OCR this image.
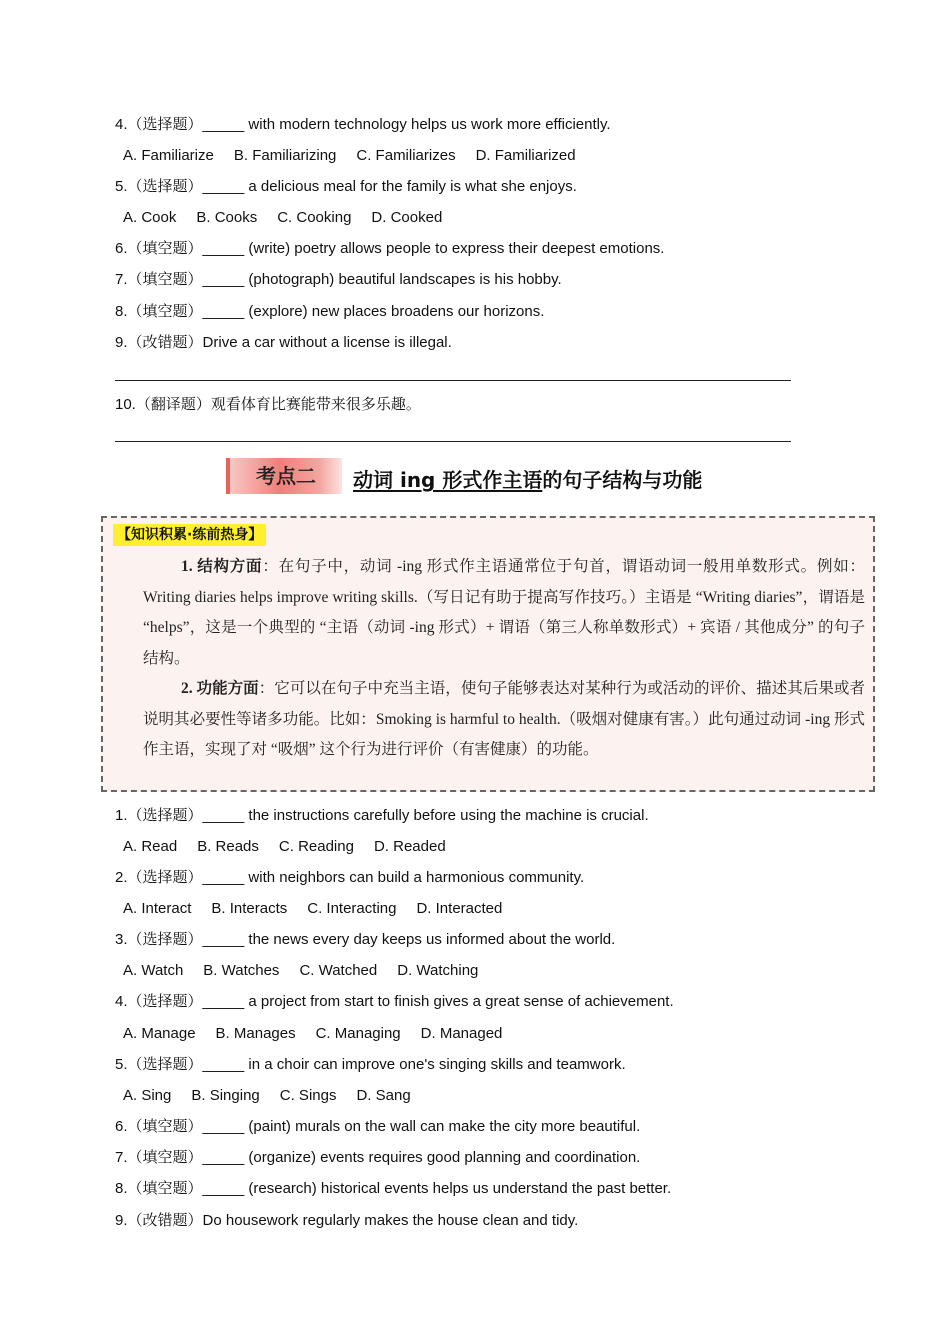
4.（选择题）_____ with modern technology helps us work more efficiently.
A. Familiarize B. Familiarizing C. Familiarizes D. Familiarized
5.（选择题）_____ a delicious meal for the family is what she enjoys.
A. Cook B. Cooks C. Cooking D. Cooked
6.（填空题）_____ (write) poetry allows people to express their deepest emotions.
7.（填空题）_____ (photograph) beautiful landscapes is his hobby.
8.（填空题）_____ (explore) new places broadens our horizons.
9.（改错题）Drive a car without a license is illegal.
10.（翻译题）观看体育比赛能带来很多乐趣。
考点二	动词 ing 形式作主语的句子结构与功能
【知识积累·练前热身】
1. 结构方面：在句子中，动词 -ing 形式作主语通常位于句首，谓语动词一般用单数形式。例如：Writing diaries helps improve writing skills.（写日记有助于提高写作技巧。）主语是 “Writing diaries”，谓语是 “helps”，这是一个典型的 “主语（动词 -ing 形式）+ 谓语（第三人称单数形式）+ 宾语 / 其他成分” 的句子结构。
2. 功能方面：它可以在句子中充当主语，使句子能够表达对某种行为或活动的评价、描述其后果或者说明其必要性等诸多功能。比如：Smoking is harmful to health.（吸烟对健康有害。）此句通过动词 -ing 形式作主语，实现了对 “吸烟” 这个行为进行评价（有害健康）的功能。
1.（选择题）_____ the instructions carefully before using the machine is crucial.
A. Read B. Reads C. Reading D. Readed
2.（选择题）_____ with neighbors can build a harmonious community.
A. Interact B. Interacts C. Interacting D. Interacted
3.（选择题）_____ the news every day keeps us informed about the world.
A. Watch B. Watches C. Watched D. Watching
4.（选择题）_____ a project from start to finish gives a great sense of achievement.
A. Manage B. Manages C. Managing D. Managed
5.（选择题）_____ in a choir can improve one's singing skills and teamwork.
A. Sing B. Singing C. Sings D. Sang
6.（填空题）_____ (paint) murals on the wall can make the city more beautiful.
7.（填空题）_____ (organize) events requires good planning and coordination.
8.（填空题）_____ (research) historical events helps us understand the past better.
9.（改错题）Do housework regularly makes the house clean and tidy.
